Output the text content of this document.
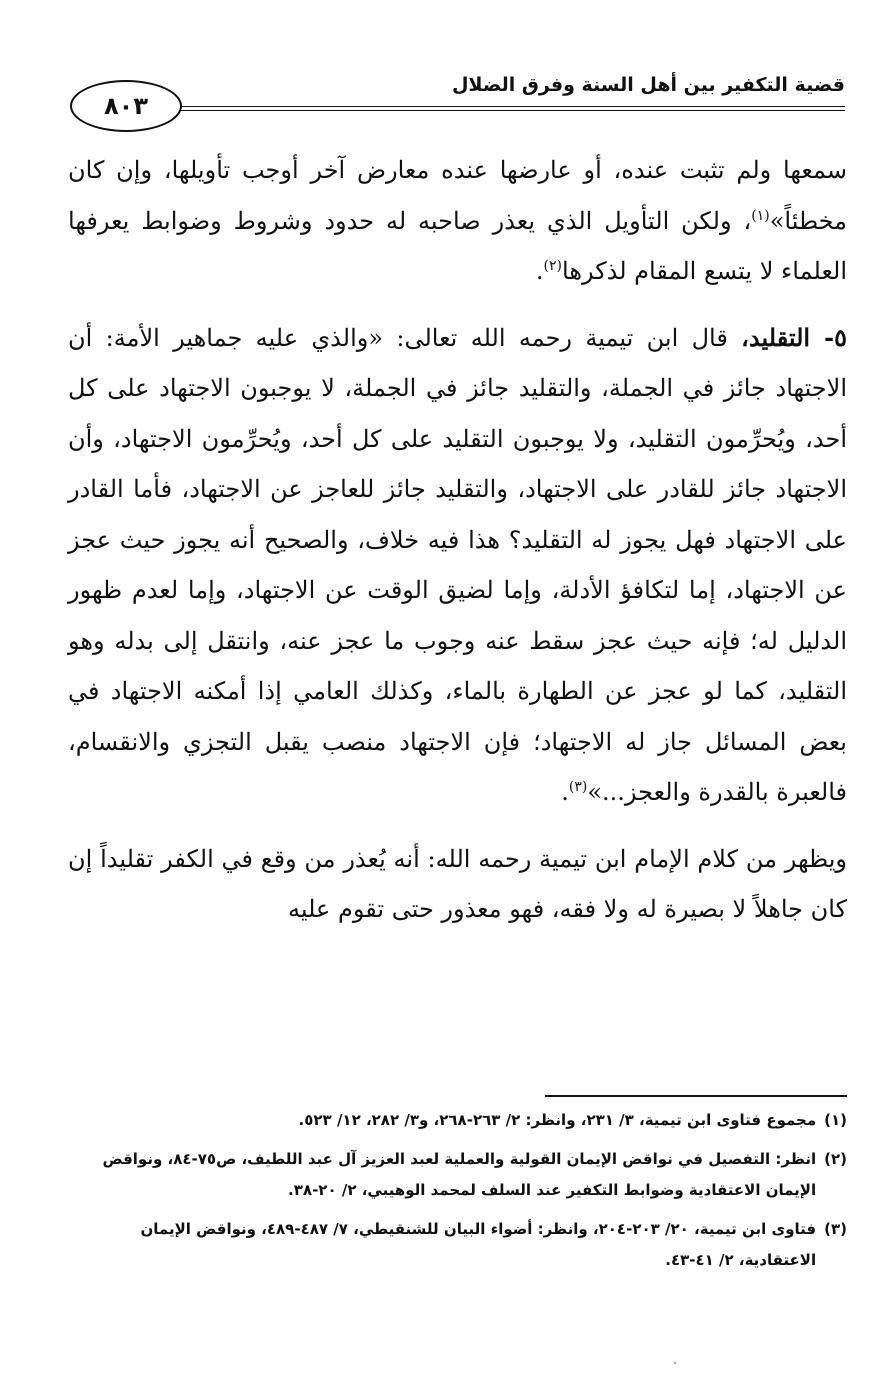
قضية التكفير بين أهل السنة وفرق الضلال
٨٠٣

سمعها ولم تثبت عنده، أو عارضها عنده معارض آخر أوجب تأويلها، وإن كان مخطئاً»$^{(١)}$، ولكن التأويل الذي يعذر صاحبه له حدود وشروط وضوابط يعرفها العلماء لا يتسع المقام لذكرها$^{(٢)}$.

٥- التقليد، قال ابن تيمية رحمه الله تعالى: «والذي عليه جماهير الأمة: أن الاجتهاد جائز في الجملة، والتقليد جائز في الجملة، لا يوجبون الاجتهاد على كل أحد، ويُحرِّمون التقليد، ولا يوجبون التقليد على كل أحد، ويُحرِّمون الاجتهاد، وأن الاجتهاد جائز للقادر على الاجتهاد، والتقليد جائز للعاجز عن الاجتهاد، فأما القادر على الاجتهاد فهل يجوز له التقليد؟ هذا فيه خلاف، والصحيح أنه يجوز حيث عجز عن الاجتهاد، إما لتكافؤ الأدلة، وإما لضيق الوقت عن الاجتهاد، وإما لعدم ظهور الدليل له؛ فإنه حيث عجز سقط عنه وجوب ما عجز عنه، وانتقل إلى بدله وهو التقليد، كما لو عجز عن الطهارة بالماء، وكذلك العامي إذا أمكنه الاجتهاد في بعض المسائل جاز له الاجتهاد؛ فإن الاجتهاد منصب يقبل التجزي والانقسام، فالعبرة بالقدرة والعجز...»$^{(٣)}$.

ويظهر من كلام الإمام ابن تيمية رحمه الله: أنه يُعذر من وقع في الكفر تقليداً إن كان جاهلاً لا بصيرة له ولا فقه، فهو معذور حتى تقوم عليه

(١)
مجموع فتاوى ابن تيمية، ٣/ ٢٣١، وانظر: ٢/ ٢٦٣-٢٦٨، و٣/ ٢٨٢، ١٢/ ٥٢٣.
(٢)
انظر: التفصيل في نواقض الإيمان القولية والعملية لعبد العزيز آل عبد اللطيف، ص٧٥-٨٤، ونواقض الإيمان الاعتقادية وضوابط التكفير عند السلف لمحمد الوهيبي، ٢/ ٢٠-٣٨.
(٣)
فتاوى ابن تيمية، ٢٠/ ٢٠٣-٢٠٤، وانظر: أضواء البيان للشنقيطي، ٧/ ٤٨٧-٤٨٩، ونواقض الإيمان الاعتقادية، ٢/ ٤١-٤٣.
